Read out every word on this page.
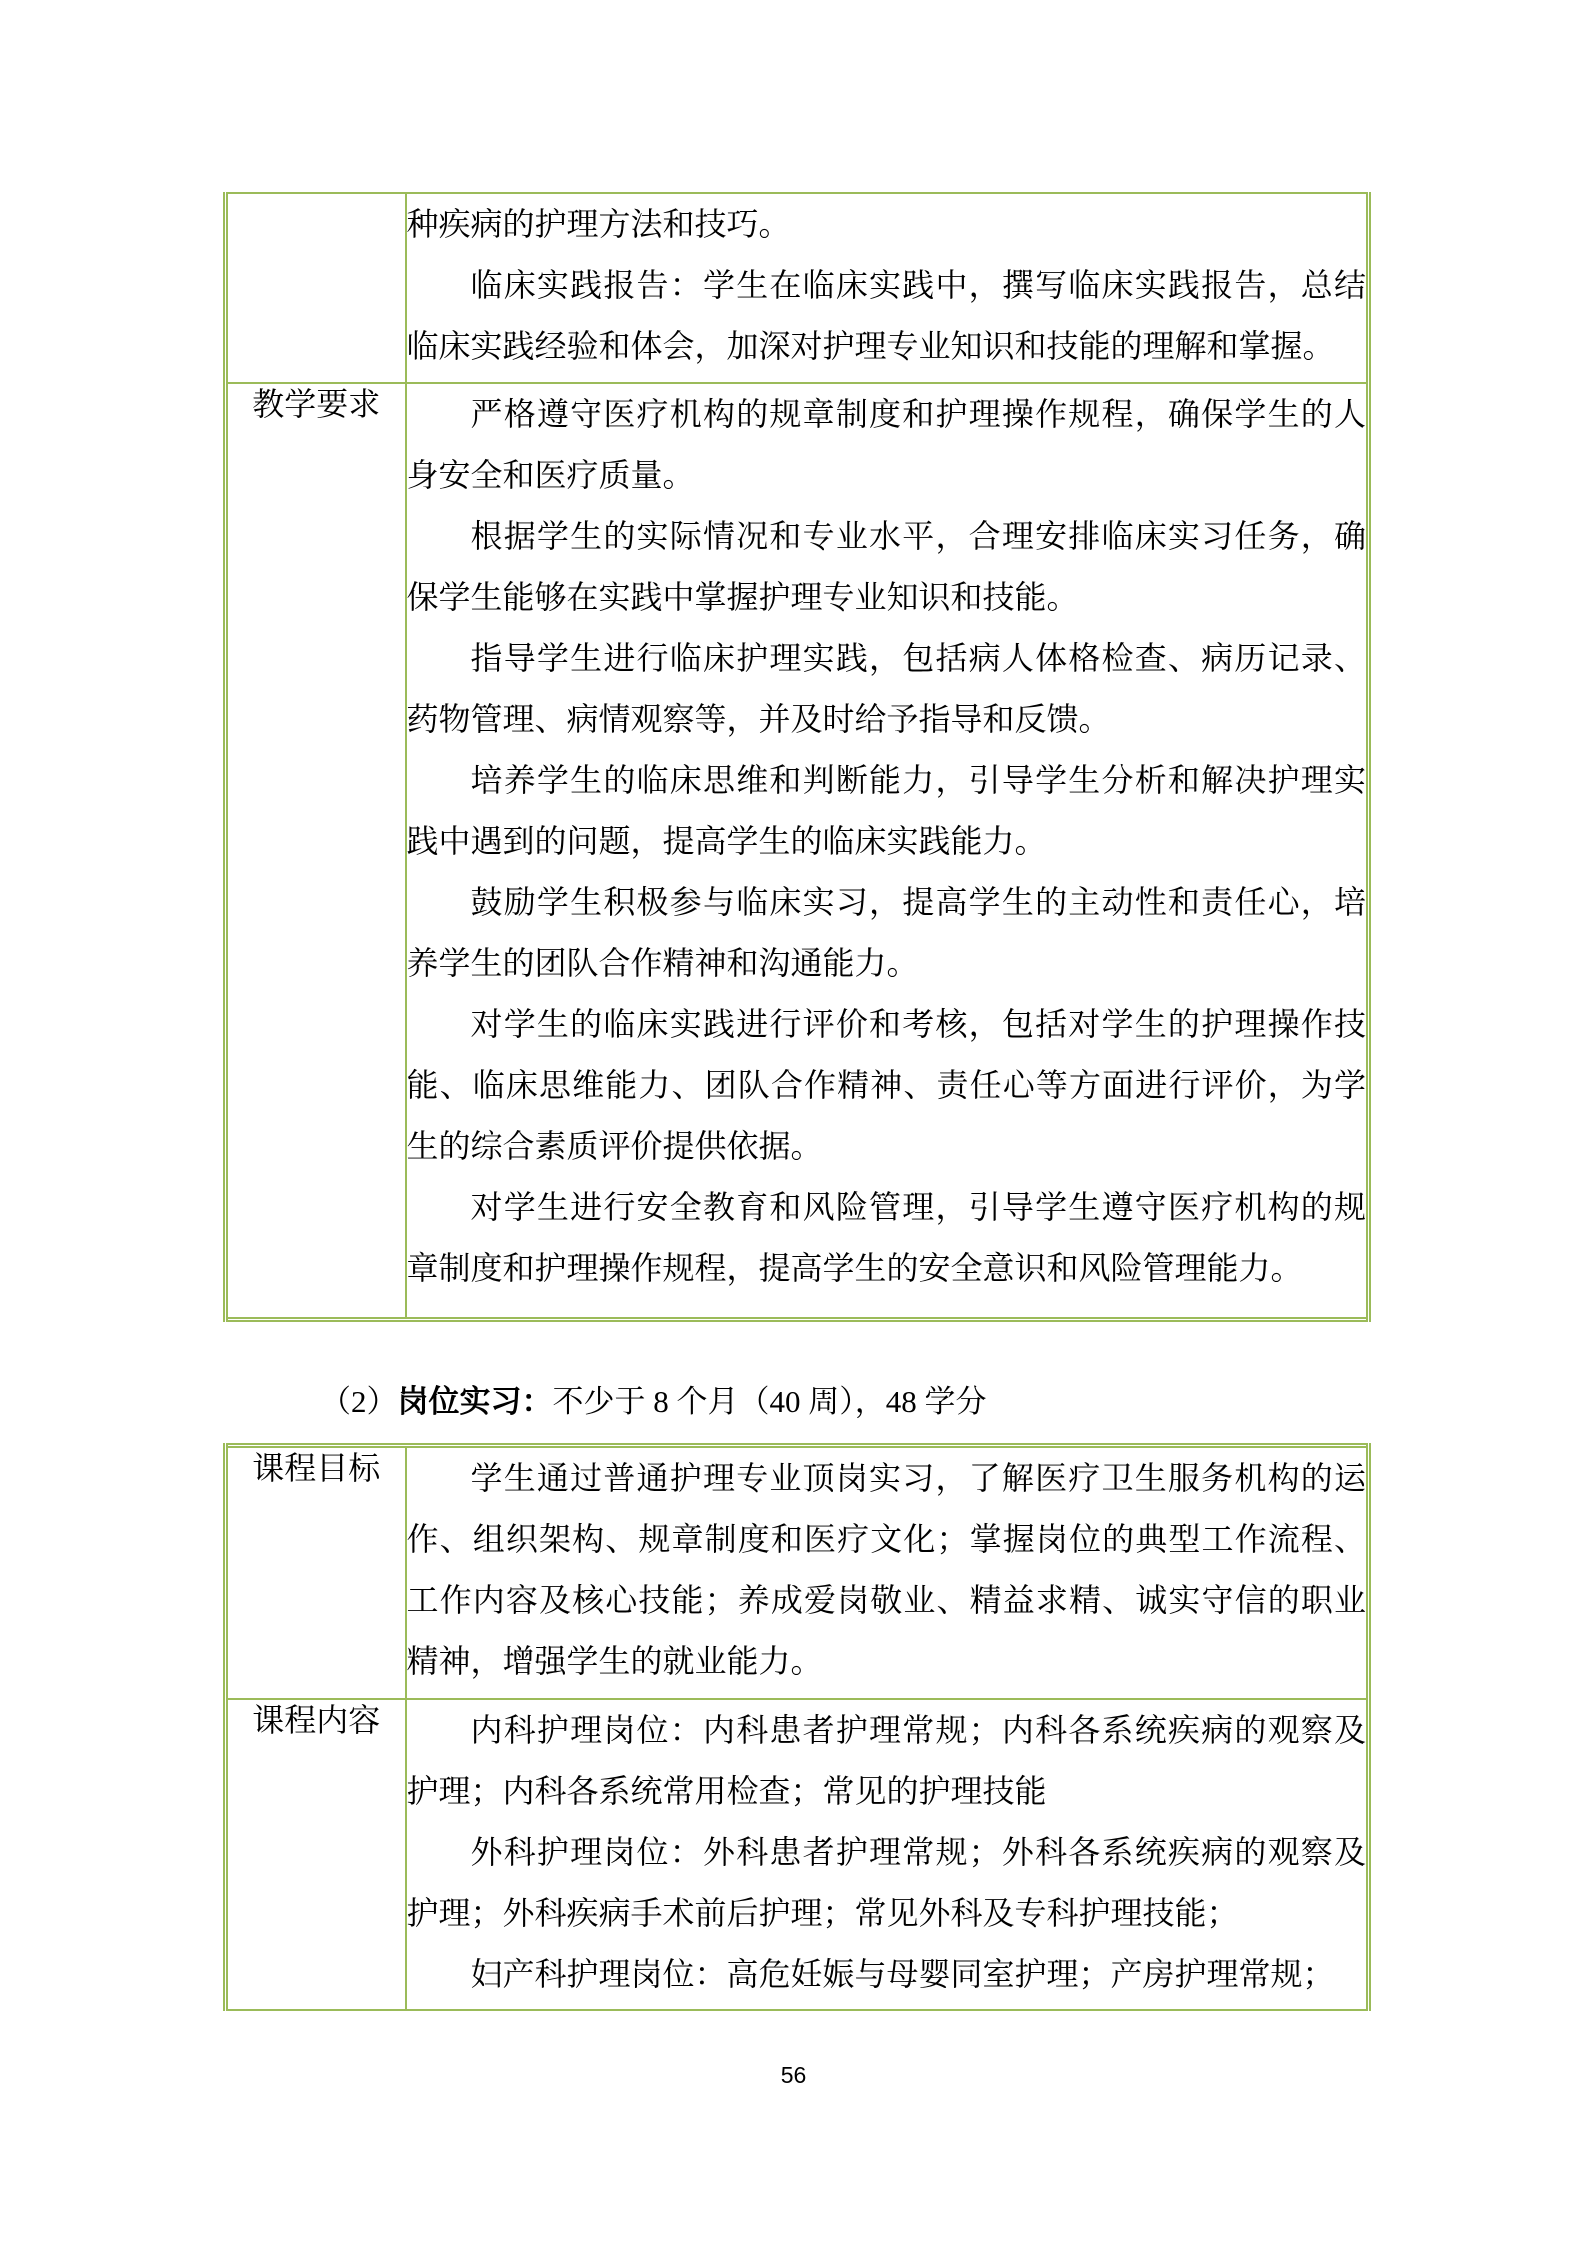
	种疾病的护理方法和技巧。

临床实践报告：学生在临床实践中，撰写临床实践报告，总结临床实践经验和体会，加深对护理专业知识和技能的理解和掌握。

教学要求	严格遵守医疗机构的规章制度和护理操作规程，确保学生的人身安全和医疗质量。

根据学生的实际情况和专业水平，合理安排临床实习任务，确保学生能够在实践中掌握护理专业知识和技能。

指导学生进行临床护理实践，包括病人体格检查、病历记录、药物管理、病情观察等，并及时给予指导和反馈。

培养学生的临床思维和判断能力，引导学生分析和解决护理实践中遇到的问题，提高学生的临床实践能力。

鼓励学生积极参与临床实习，提高学生的主动性和责任心，培养学生的团队合作精神和沟通能力。

对学生的临床实践进行评价和考核，包括对学生的护理操作技能、临床思维能力、团队合作精神、责任心等方面进行评价，为学生的综合素质评价提供依据。

对学生进行安全教育和风险管理，引导学生遵守医疗机构的规章制度和护理操作规程，提高学生的安全意识和风险管理能力。

（2）岗位实习：不少于 8 个月（40 周），48 学分
课程目标	学生通过普通护理专业顶岗实习，了解医疗卫生服务机构的运作、组织架构、规章制度和医疗文化；掌握岗位的典型工作流程、工作内容及核心技能；养成爱岗敬业、精益求精、诚实守信的职业精神，增强学生的就业能力。

课程内容	内科护理岗位：内科患者护理常规；内科各系统疾病的观察及护理；内科各系统常用检查；常见的护理技能

外科护理岗位：外科患者护理常规；外科各系统疾病的观察及护理；外科疾病手术前后护理；常见外科及专科护理技能；

妇产科护理岗位：高危妊娠与母婴同室护理；产房护理常规；

56
